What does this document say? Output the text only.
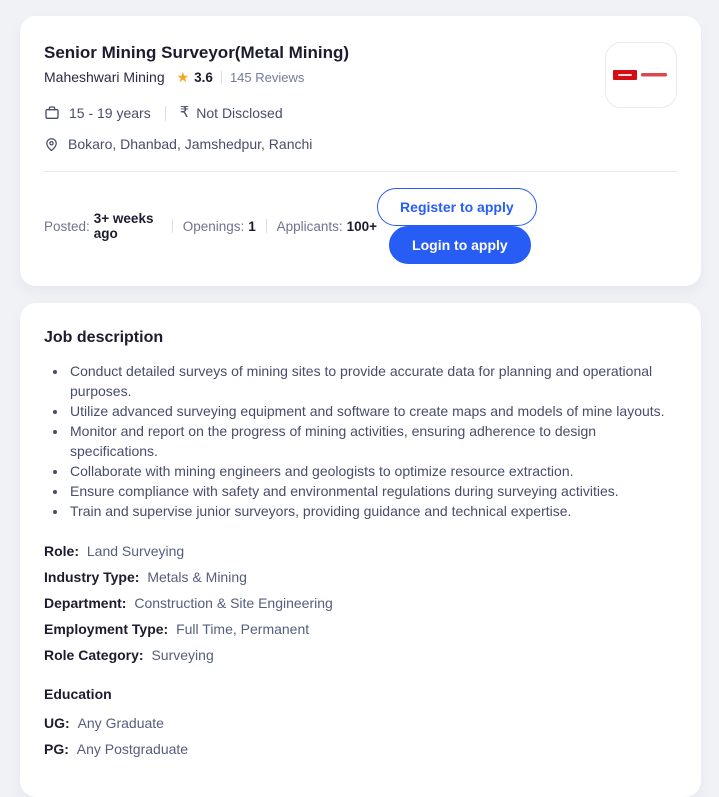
Senior Mining Surveyor(Metal Mining)
Maheshwari Mining ★ 3.6 145 Reviews
15 - 19 years ₹ Not Disclosed
Bokaro, Dhanbad, Jamshedpur, Ranchi
Posted: 3+ weeks ago	Openings: 1 Applicants: 100+
Register to apply Login to apply
Job description
• Conduct detailed surveys of mining sites to provide accurate data for planning and operational purposes.
• Utilize advanced surveying equipment and software to create maps and models of mine layouts.
• Monitor and report on the progress of mining activities, ensuring adherence to design specifications.
• Collaborate with mining engineers and geologists to optimize resource extraction.
• Ensure compliance with safety and environmental regulations during surveying activities.
• Train and supervise junior surveyors, providing guidance and technical expertise.
Role: Land Surveying
Industry Type: Metals & Mining
Department: Construction & Site Engineering
Employment Type: Full Time, Permanent
Role Category: Surveying
Education
UG: Any Graduate
PG: Any Postgraduate
